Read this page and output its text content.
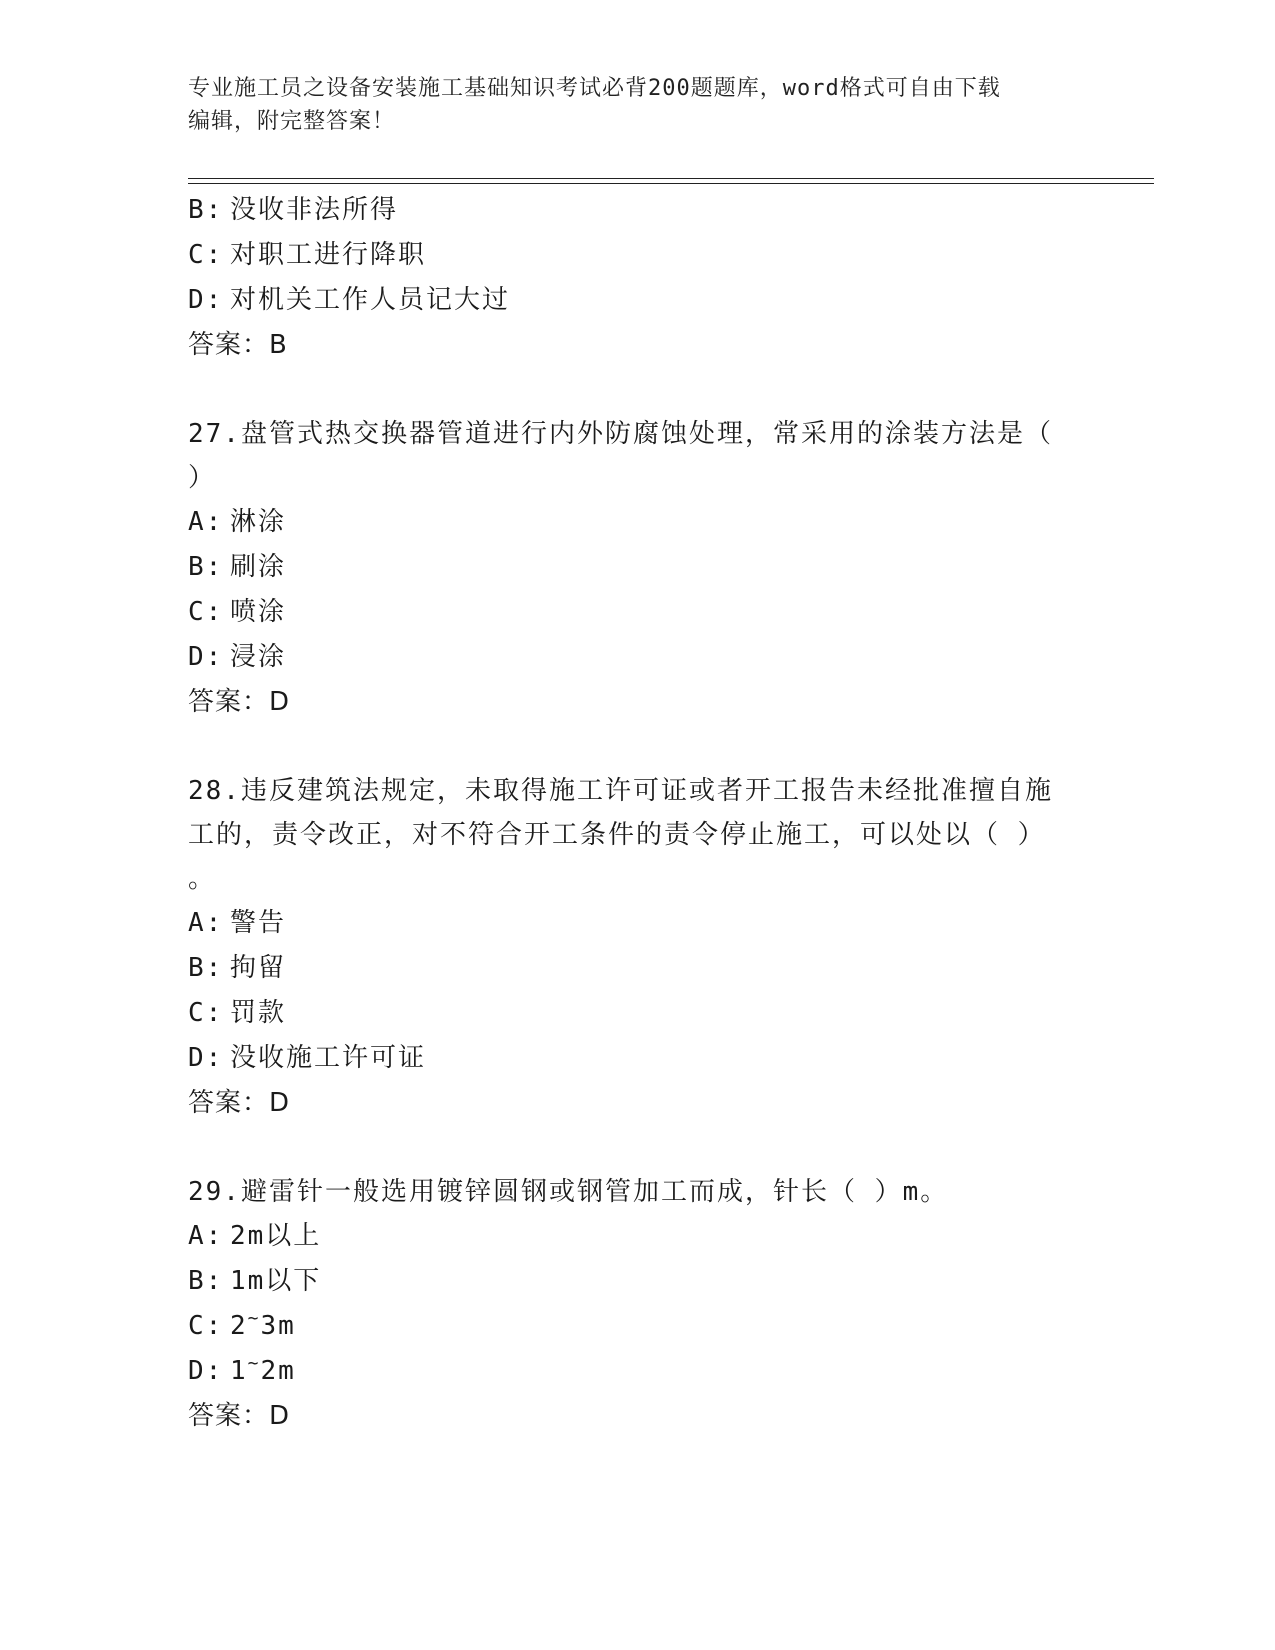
专业施工员之设备安装施工基础知识考试必背200题题库，word格式可自由下载
编辑，附完整答案！
B: 没收非法所得
C: 对职工进行降职
D: 对机关工作人员记大过
答案：B
27.盘管式热交换器管道进行内外防腐蚀处理，常采用的涂装方法是（
）
A: 淋涂
B: 刷涂
C: 喷涂
D: 浸涂
答案：D
28.违反建筑法规定，未取得施工许可证或者开工报告未经批准擅自施
工的，责令改正，对不符合开工条件的责令停止施工，可以处以（ ）
。
A: 警告
B: 拘留
C: 罚款
D: 没收施工许可证
答案：D
29.避雷针一般选用镀锌圆钢或钢管加工而成，针长（ ）m。
A: 2m以上
B: 1m以下
C: 2~3m
D: 1~2m
答案：D
